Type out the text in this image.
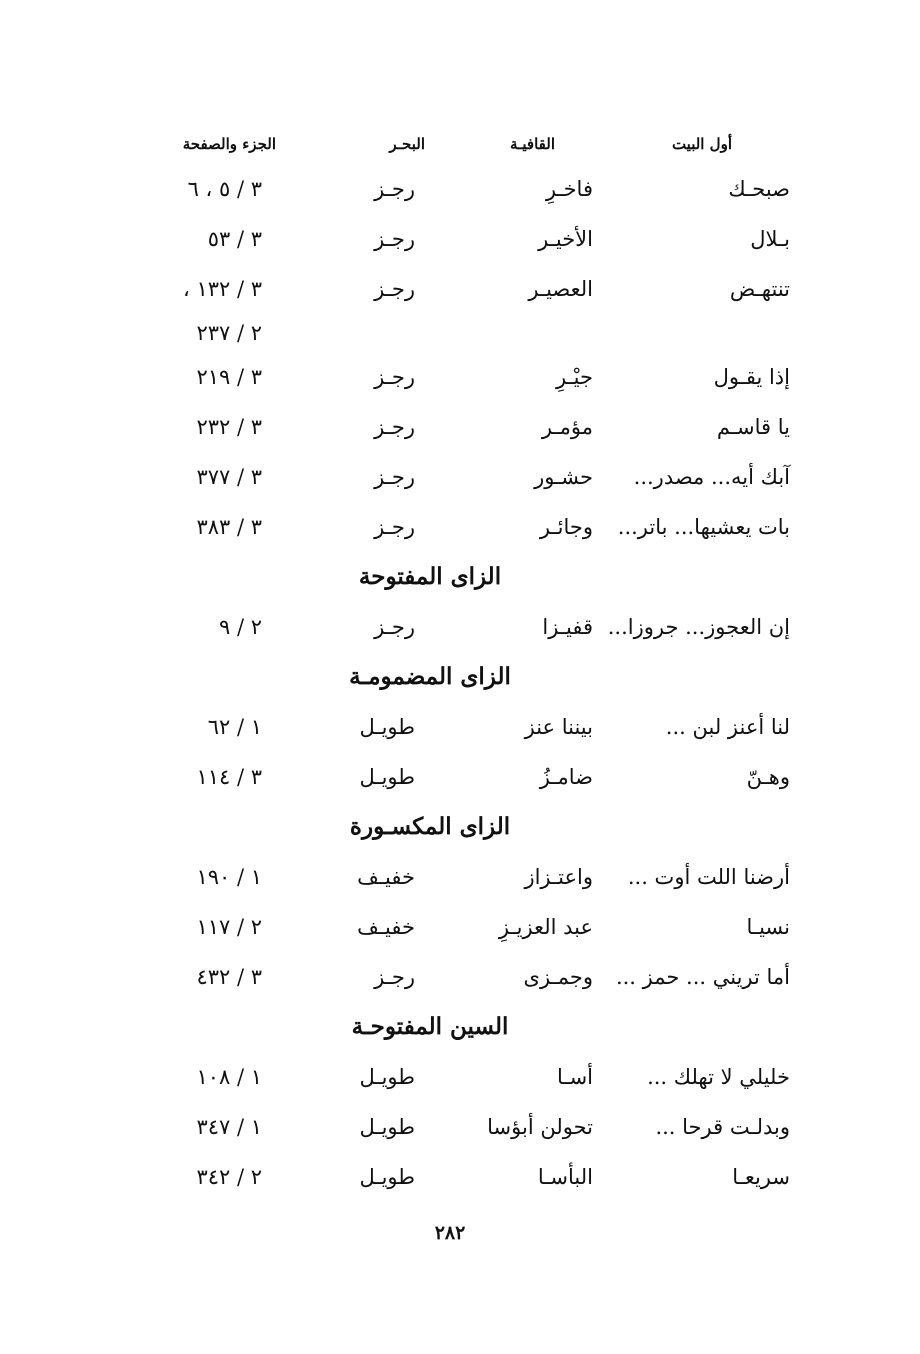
أول البيت
القافيـة
البحـر
الجزء والصفحة
صبحـك
فاخـرِ
رجـز
٣ / ٥ ، ٦
بـلال
الأخيـر
رجـز
٣ / ٥٣
تنتهـض
العصيـر
رجـز
٣ / ١٣٢ ،
٢ / ٢٣٧
إذا يقـول
جيْـرِ
رجـز
٣ / ٢١٩
يا قاسـم
مؤمـر
رجـز
٣ / ٢٣٢
آبك أيه... مصدر...
حشـور
رجـز
٣ / ٣٧٧
بات يعشيها... باتر...
وجائـر
رجـز
٣ / ٣٨٣
الزاى المفتوحة
إن العجوز... جروزا...
قفيـزا
رجـز
٢ / ٩
الزاى المضمومـة
لنا أعنز لبن ...
بيننا عنز
طويـل
١ / ٦٢
وهـنّ
ضامـزُ
طويـل
٣ / ١١٤
الزاى المكسـورة
أرضنا اللت أوت ...
واعتـزاز
خفيـف
١ / ١٩٠
نسيـا
عبد العزيـزِ
خفيـف
٢ / ١١٧
أما تريني ... حمز ...
وجمـزى
رجـز
٣ / ٤٣٢
السين المفتوحـة
خليلي لا تهلك ...
أسـا
طويـل
١ / ١٠٨
وبدلـت قرحا ...
تحولن أبؤسا
طويـل
١ / ٣٤٧
سريعـا
البأسـا
طويـل
٢ / ٣٤٢
٢٨٢
